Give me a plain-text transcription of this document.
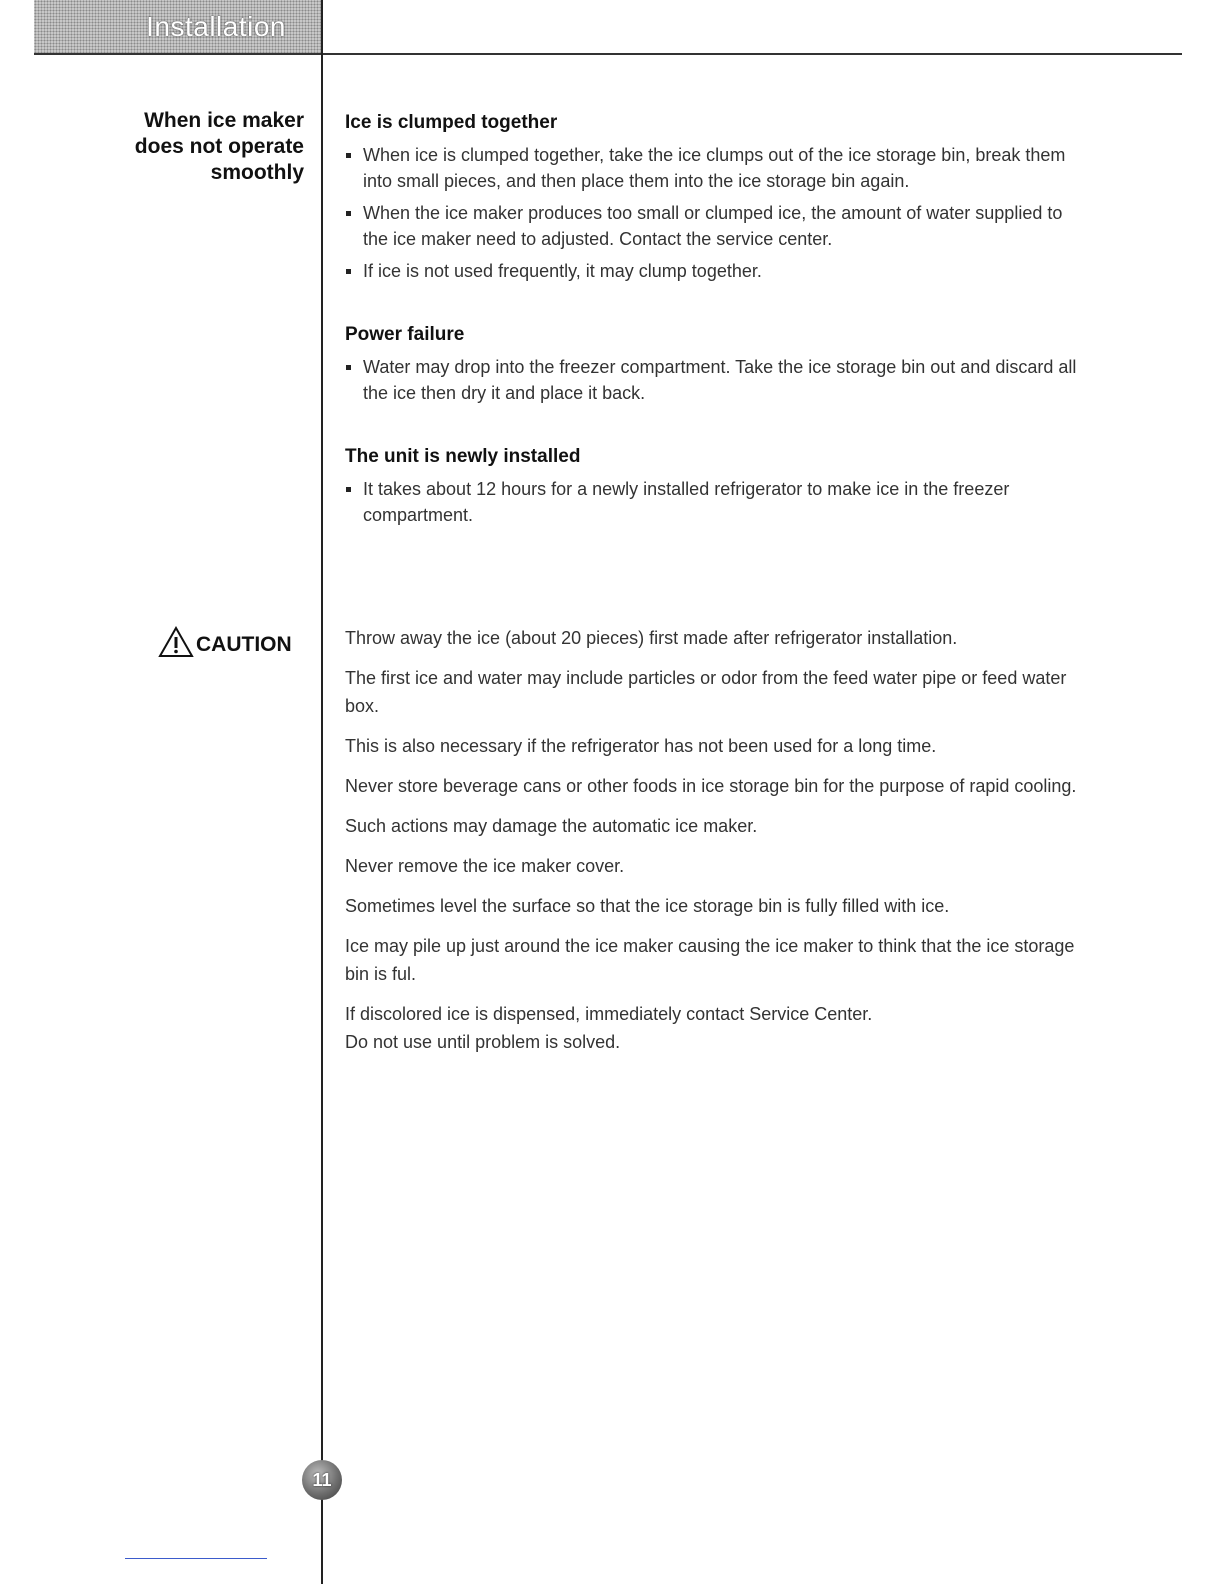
Installation
When ice maker
does not operate
smoothly
Ice is clumped together
When ice is clumped together, take the ice clumps out of the ice storage bin, break them into small pieces, and then place them into the ice storage bin again.
When the ice maker produces too small or clumped ice, the amount of water supplied to the ice maker need to adjusted. Contact the service center.
If ice is not used frequently, it may clump together.
Power failure
Water may drop into the freezer compartment. Take the ice storage bin out and discard all the ice then dry it and place it back.
The unit is newly installed
It takes about 12 hours for a newly installed refrigerator to make ice in the freezer compartment.
CAUTION	Throw away the ice (about 20 pieces) first made after refrigerator installation.

The first ice and water may include particles or odor from the feed water pipe or feed water box.

This is also necessary if the refrigerator has not been used for a long time.

Never store beverage cans or other foods in ice storage bin for the purpose of rapid cooling.

Such actions may damage the automatic ice maker.

Never remove the ice maker cover.

Sometimes level the surface so that the ice storage bin is fully filled with ice.

Ice may pile up just around the ice maker causing the ice maker to think that the ice storage bin is ful.

If discolored ice is dispensed, immediately contact Service Center.

Do not use until problem is solved.

11
